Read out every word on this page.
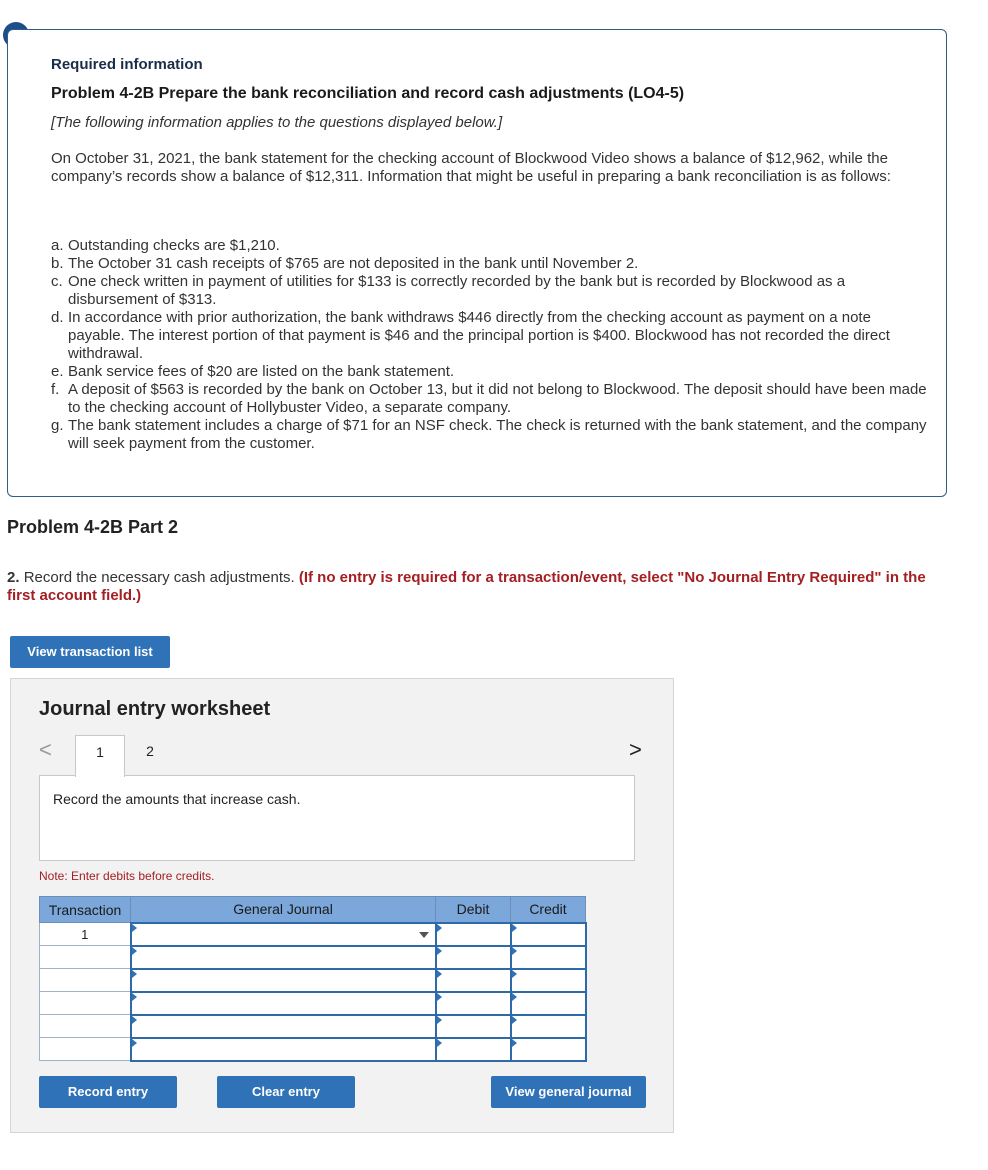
Required information
Problem 4-2B Prepare the bank reconciliation and record cash adjustments (LO4-5)
[The following information applies to the questions displayed below.]
On October 31, 2021, the bank statement for the checking account of Blockwood Video shows a balance of $12,962, while the company’s records show a balance of $12,311. Information that might be useful in preparing a bank reconciliation is as follows:
a. Outstanding checks are $1,210.
b. The October 31 cash receipts of $765 are not deposited in the bank until November 2.
c. One check written in payment of utilities for $133 is correctly recorded by the bank but is recorded by Blockwood as a disbursement of $313.
d. In accordance with prior authorization, the bank withdraws $446 directly from the checking account as payment on a note payable. The interest portion of that payment is $46 and the principal portion is $400. Blockwood has not recorded the direct withdrawal.
e. Bank service fees of $20 are listed on the bank statement.
f. A deposit of $563 is recorded by the bank on October 13, but it did not belong to Blockwood. The deposit should have been made to the checking account of Hollybuster Video, a separate company.
g. The bank statement includes a charge of $71 for an NSF check. The check is returned with the bank statement, and the company will seek payment from the customer.
Problem 4-2B Part 2
2. Record the necessary cash adjustments. (If no entry is required for a transaction/event, select "No Journal Entry Required" in the first account field.)
View transaction list
Journal entry worksheet
<	1	2	>
Record the amounts that increase cash.
Note: Enter debits before credits.
Transaction	General Journal	Debit	Credit
1	

Record entry	Clear entry	View general journal
